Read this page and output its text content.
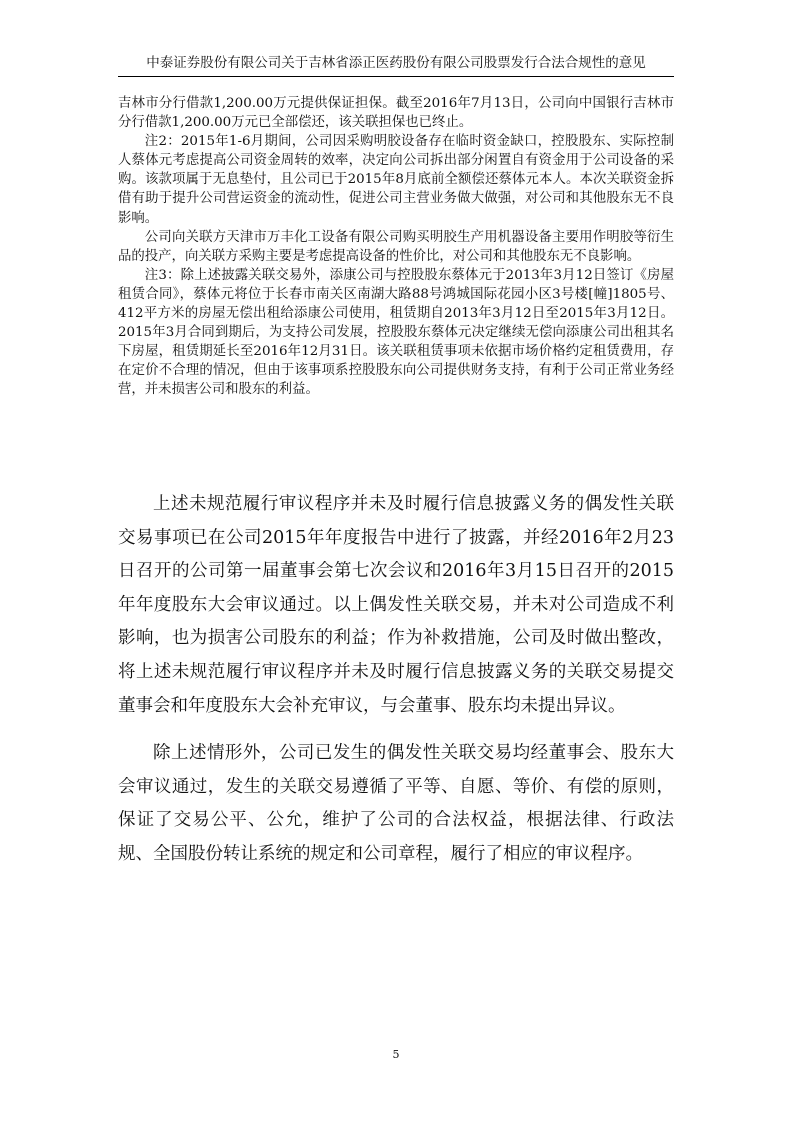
中泰证券股份有限公司关于吉林省添正医药股份有限公司股票发行合法合规性的意见

吉林市分行借款1,200.00万元提供保证担保。截至2016年7月13日，公司向中国银行吉林市分行借款1,200.00万元已全部偿还，该关联担保也已终止。

注2：2015年1-6月期间，公司因采购明胶设备存在临时资金缺口，控股股东、实际控制人蔡体元考虑提高公司资金周转的效率，决定向公司拆出部分闲置自有资金用于公司设备的采购。该款项属于无息垫付，且公司已于2015年8月底前全额偿还蔡体元本人。本次关联资金拆借有助于提升公司营运资金的流动性，促进公司主营业务做大做强，对公司和其他股东无不良影响。

公司向关联方天津市万丰化工设备有限公司购买明胶生产用机器设备主要用作明胶等衍生品的投产，向关联方采购主要是考虑提高设备的性价比，对公司和其他股东无不良影响。

注3：除上述披露关联交易外，添康公司与控股股东蔡体元于2013年3月12日签订《房屋租赁合同》，蔡体元将位于长春市南关区南湖大路88号鸿城国际花园小区3号楼[幢]1805号、412平方米的房屋无偿出租给添康公司使用，租赁期自2013年3月12日至2015年3月12日。2015年3月合同到期后，为支持公司发展，控股股东蔡体元决定继续无偿向添康公司出租其名下房屋，租赁期延长至2016年12月31日。该关联租赁事项未依据市场价格约定租赁费用，存在定价不合理的情况，但由于该事项系控股股东向公司提供财务支持，有利于公司正常业务经营，并未损害公司和股东的利益。

上述未规范履行审议程序并未及时履行信息披露义务的偶发性关联交易事项已在公司2015年年度报告中进行了披露，并经2016年2月23日召开的公司第一届董事会第七次会议和2016年3月15日召开的2015年年度股东大会审议通过。以上偶发性关联交易，并未对公司造成不利影响，也为损害公司股东的利益；作为补救措施，公司及时做出整改，将上述未规范履行审议程序并未及时履行信息披露义务的关联交易提交董事会和年度股东大会补充审议，与会董事、股东均未提出异议。

除上述情形外，公司已发生的偶发性关联交易均经董事会、股东大会审议通过，发生的关联交易遵循了平等、自愿、等价、有偿的原则，保证了交易公平、公允，维护了公司的合法权益，根据法律、行政法规、全国股份转让系统的规定和公司章程，履行了相应的审议程序。

5
